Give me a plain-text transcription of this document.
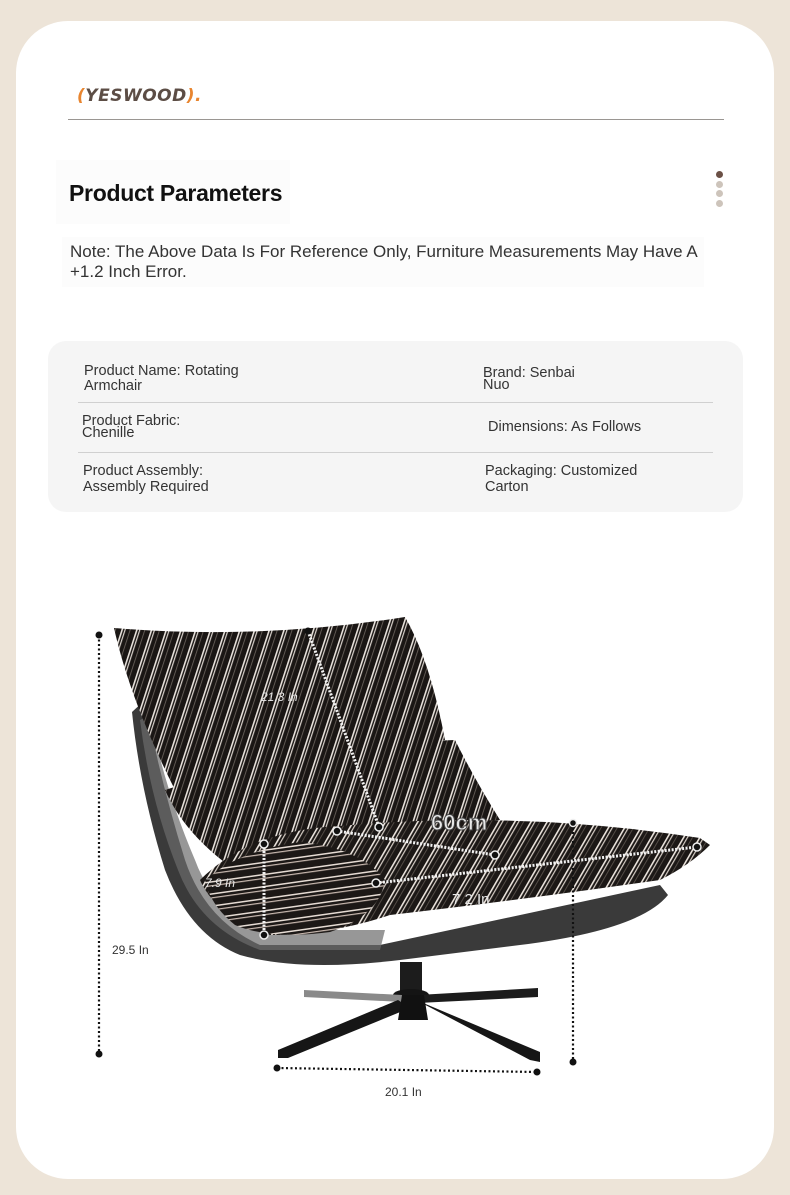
(YESWOOD).
Product Parameters
Note: The Above Data Is For Reference Only, Furniture Measurements May Have A +1.2 Inch Error.
Product Name: Rotating
Armchair
Brand: Senbai
Nuo
Product Fabric:
Chenille	Dimensions: As Follows
Product Assembly:
Assembly Required
Packaging: Customized
Carton
21.3 In
60cm
7 2 In
7.9 In
29.5 In
20.1 In
